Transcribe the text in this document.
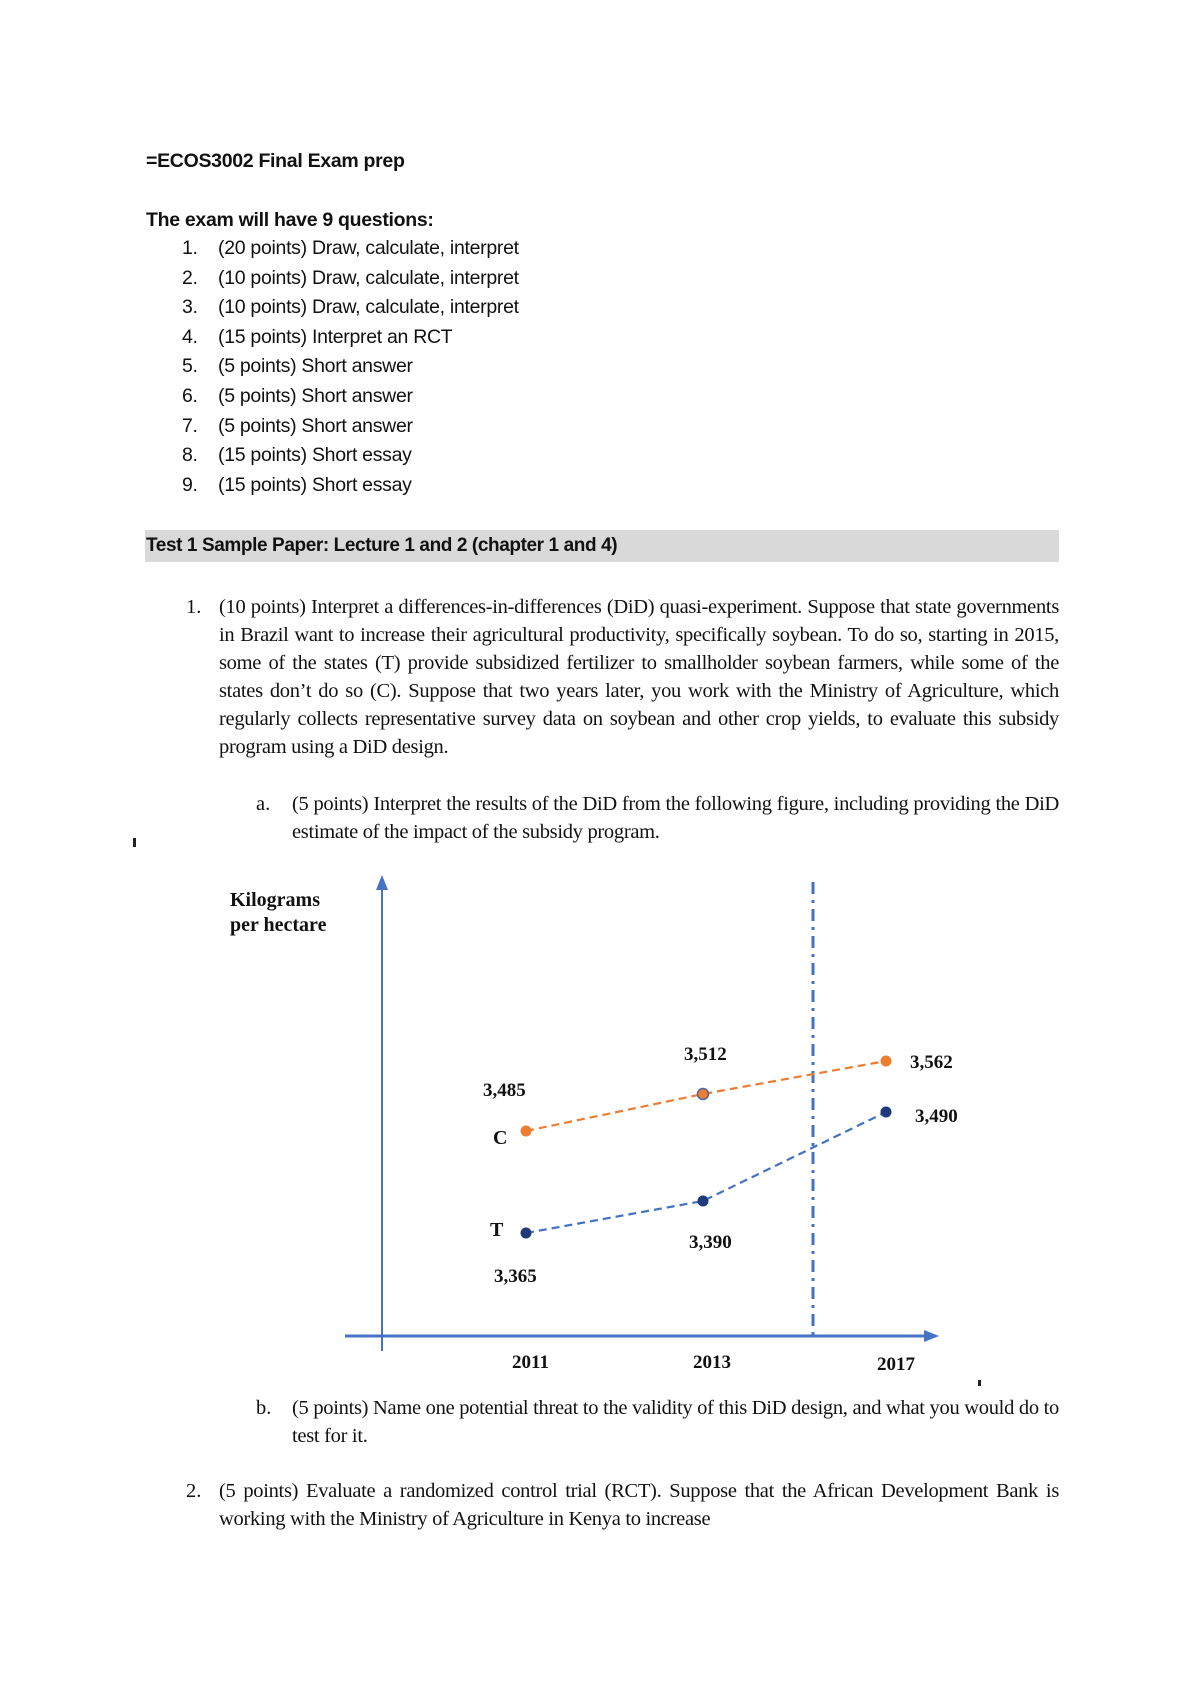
=ECOS3002 Final Exam prep
The exam will have 9 questions:
1.	(20 points) Draw, calculate, interpret
2.	(10 points) Draw, calculate, interpret
3.	(10 points) Draw, calculate, interpret
4.	(15 points) Interpret an RCT
5.	(5 points) Short answer
6.	(5 points) Short answer
7.	(5 points) Short answer
8.	(15 points) Short essay
9.	(15 points) Short essay
Test 1 Sample Paper: Lecture 1 and 2 (chapter 1 and 4)
1. (10 points) Interpret a differences-in-differences (DiD) quasi-experiment. Suppose that state governments in Brazil want to increase their agricultural productivity, specifically soybean. To do so, starting in 2015, some of the states (T) provide subsidized fertilizer to smallholder soybean farmers, while some of the states don’t do so (C). Suppose that two years later, you work with the Ministry of Agriculture, which regularly collects representative survey data on soybean and other crop yields, to evaluate this subsidy program using a DiD design.
a. (5 points) Interpret the results of the DiD from the following figure, including providing the DiD estimate of the impact of the subsidy program.
Kilograms
per hectare
C
T
3,485
3,512	3,562
3,365
3,390
3,490
2011	2013	2017
b. (5 points) Name one potential threat to the validity of this DiD design, and what you would do to test for it.
2. (5 points) Evaluate a randomized control trial (RCT). Suppose that the African Development Bank is working with the Ministry of Agriculture in Kenya to increase
